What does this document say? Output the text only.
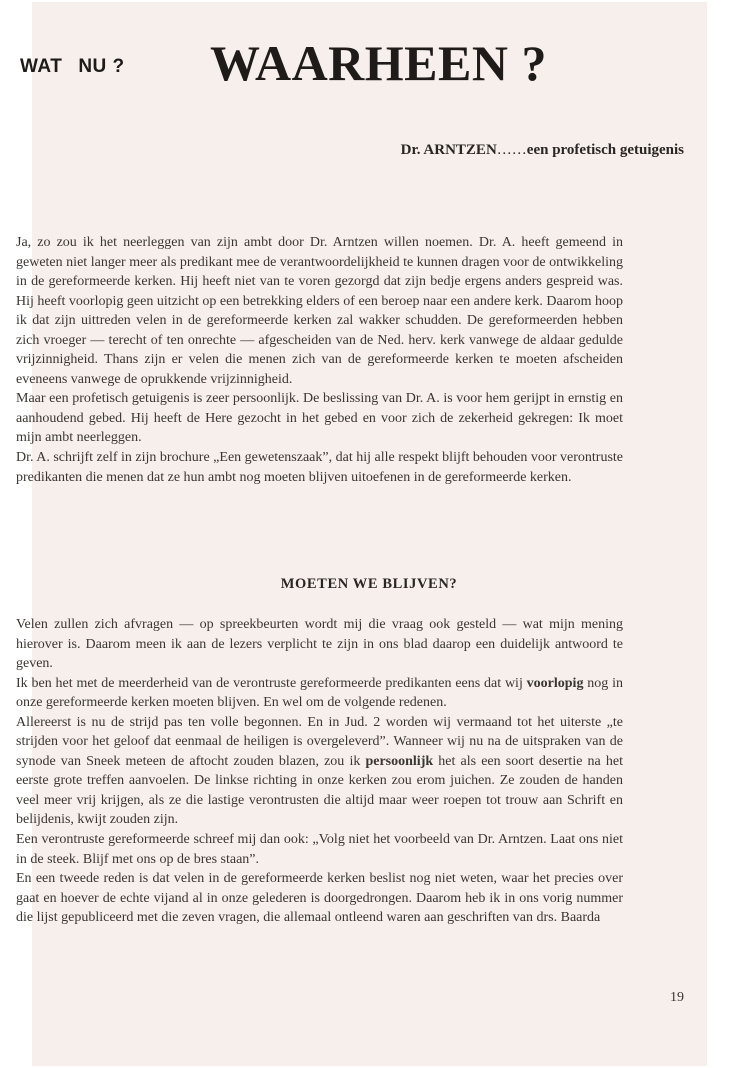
WAT NU ? WAARHEEN ?
Dr. ARNTZEN……een profetisch getuigenis

Ja, zo zou ik het neerleggen van zijn ambt door Dr. Arntzen willen noemen. Dr. A. heeft gemeend in geweten niet langer meer als predikant mee de verantwoordelijkheid te kunnen dragen voor de ontwikkeling in de gereformeerde kerken. Hij heeft niet van te voren gezorgd dat zijn bedje ergens anders gespreid was. Hij heeft voorlopig geen uitzicht op een betrekking elders of een beroep naar een andere kerk. Daarom hoop ik dat zijn uittreden velen in de gereformeerde kerken zal wakker schudden. De gereformeerden hebben zich vroeger — terecht of ten onrechte — afgescheiden van de Ned. herv. kerk vanwege de aldaar gedulde vrijzinnigheid. Thans zijn er velen die menen zich van de gereformeerde kerken te moeten afscheiden eveneens vanwege de oprukkende vrijzinnigheid.

Maar een profetisch getuigenis is zeer persoonlijk. De beslissing van Dr. A. is voor hem gerijpt in ernstig en aanhoudend gebed. Hij heeft de Here gezocht in het gebed en voor zich de zekerheid gekregen: Ik moet mijn ambt neerleggen.

Dr. A. schrijft zelf in zijn brochure „Een gewetenszaak”, dat hij alle respekt blijft behouden voor verontruste predikanten die menen dat ze hun ambt nog moeten blijven uitoefenen in de gereformeerde kerken.

MOETEN WE BLIJVEN?

Velen zullen zich afvragen — op spreekbeurten wordt mij die vraag ook gesteld — wat mijn mening hierover is. Daarom meen ik aan de lezers verplicht te zijn in ons blad daarop een duidelijk antwoord te geven.

Ik ben het met de meerderheid van de verontruste gereformeerde predikanten eens dat wij voorlopig nog in onze gereformeerde kerken moeten blijven. En wel om de volgende redenen.

Allereerst is nu de strijd pas ten volle begonnen. En in Jud. 2 worden wij vermaand tot het uiterste „te strijden voor het geloof dat eenmaal de heiligen is overgeleverd”. Wanneer wij nu na de uitspraken van de synode van Sneek meteen de aftocht zouden blazen, zou ik persoonlijk het als een soort desertie na het eerste grote treffen aanvoelen. De linkse richting in onze kerken zou erom juichen. Ze zouden de handen veel meer vrij krijgen, als ze die lastige verontrusten die altijd maar weer roepen tot trouw aan Schrift en belijdenis, kwijt zouden zijn.

Een verontruste gereformeerde schreef mij dan ook: „Volg niet het voorbeeld van Dr. Arntzen. Laat ons niet in de steek. Blijf met ons op de bres staan”.

En een tweede reden is dat velen in de gereformeerde kerken beslist nog niet weten, waar het precies over gaat en hoever de echte vijand al in onze gelederen is doorgedrongen. Daarom heb ik in ons vorig nummer die lijst gepubliceerd met die zeven vragen, die allemaal ontleend waren aan geschriften van drs. Baarda

19
